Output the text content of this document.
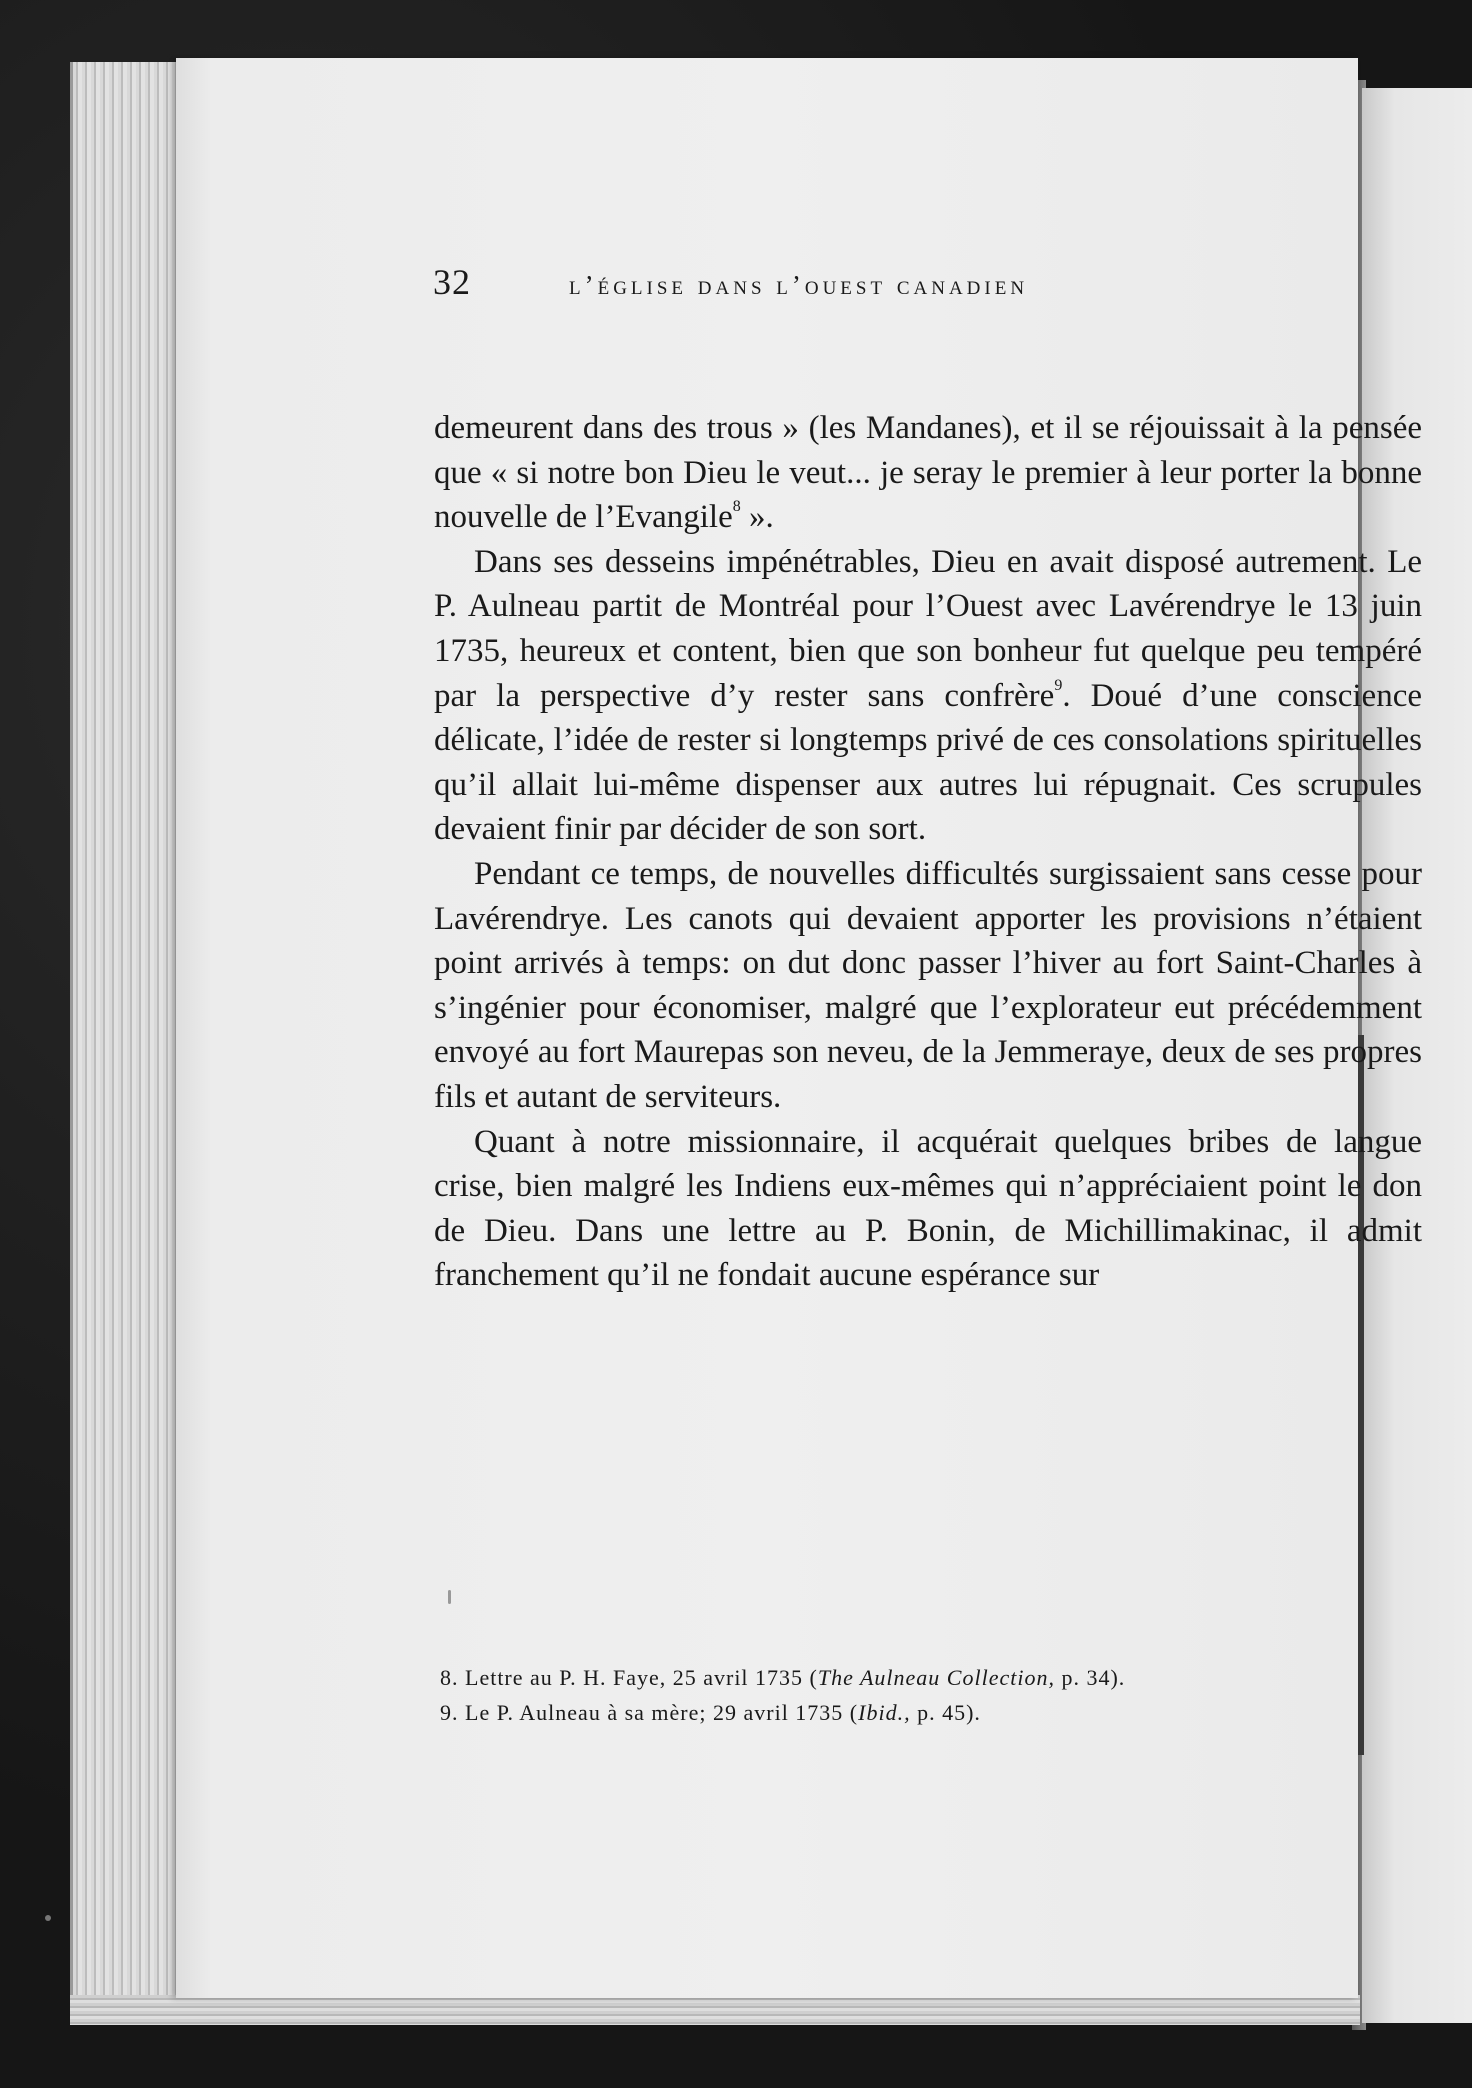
32	l’église dans l’ouest canadien

demeurent dans des trous » (les Mandanes), et il se réjouissait à la pensée que « si notre bon Dieu le veut... je seray le premier à leur porter la bonne nouvelle de l’Evangile$^8$ ».

Dans ses desseins impénétrables, Dieu en avait disposé autrement. Le P. Aulneau partit de Montréal pour l’Ouest avec Lavérendrye le 13 juin 1735, heureux et content, bien que son bonheur fut quelque peu tempéré par la perspective d’y rester sans confrère$^9$. Doué d’une conscience délicate, l’idée de rester si longtemps privé de ces consolations spirituelles qu’il allait lui-même dispenser aux autres lui répugnait. Ces scrupules devaient finir par décider de son sort.

Pendant ce temps, de nouvelles difficultés surgissaient sans cesse pour Lavérendrye. Les canots qui devaient apporter les provisions n’étaient point arrivés à temps: on dut donc passer l’hiver au fort Saint-Charles à s’ingénier pour économiser, malgré que l’explorateur eut précédemment envoyé au fort Maurepas son neveu, de la Jemmeraye, deux de ses propres fils et autant de serviteurs.

Quant à notre missionnaire, il acquérait quelques bribes de langue crise, bien malgré les Indiens eux-mêmes qui n’appréciaient point le don de Dieu. Dans une lettre au P. Bonin, de Michillimakinac, il admit franchement qu’il ne fondait aucune espérance sur

8. Lettre au P. H. Faye, 25 avril 1735 (The Aulneau Collection, p. 34).

9. Le P. Aulneau à sa mère; 29 avril 1735 (Ibid., p. 45).
